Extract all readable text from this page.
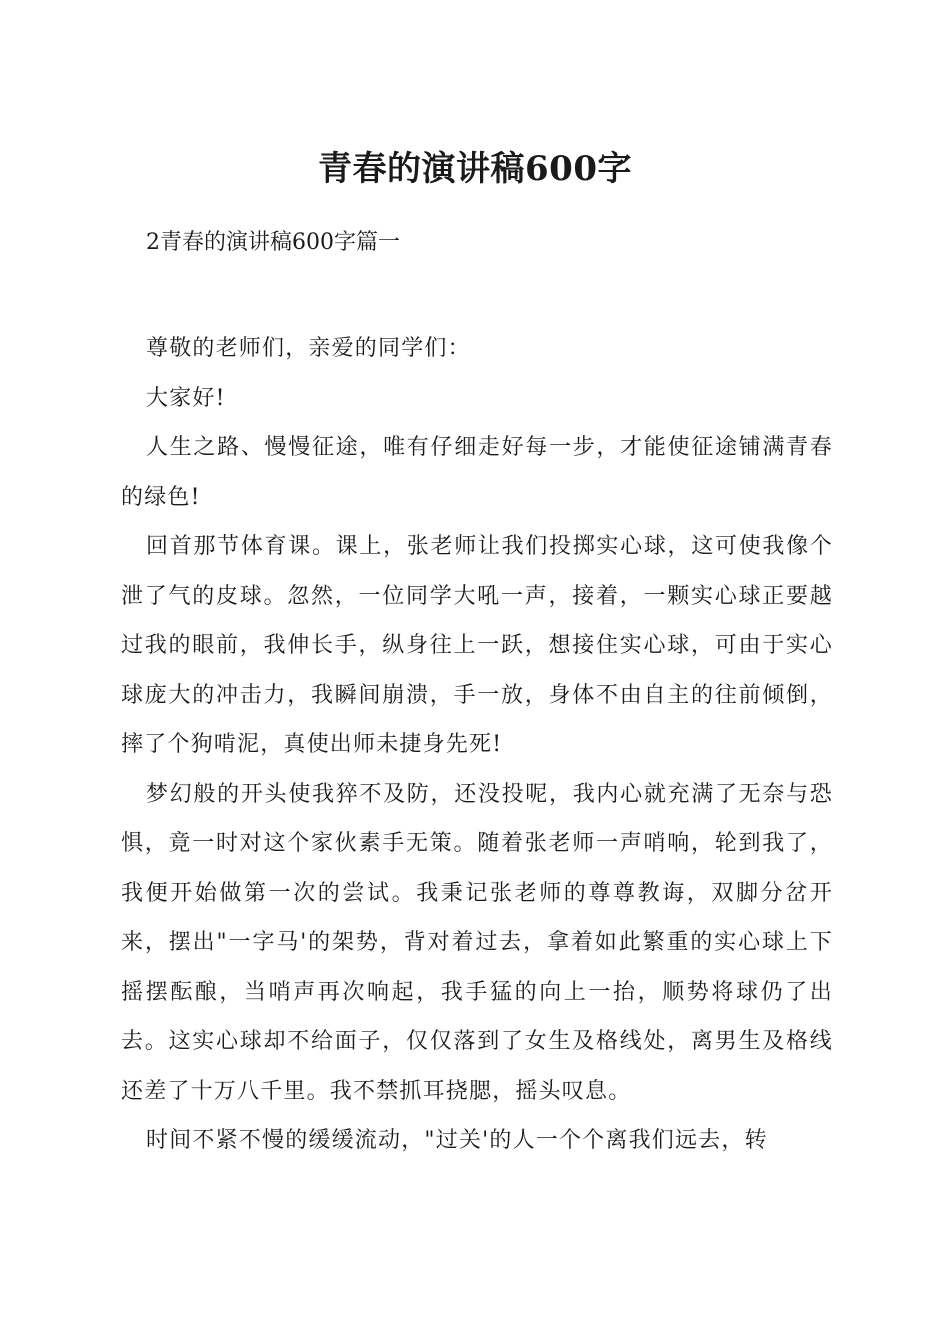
青春的演讲稿600字
2青春的演讲稿600字篇一

尊敬的老师们，亲爱的同学们：

大家好!

人生之路、慢慢征途，唯有仔细走好每一步，才能使征途铺满青春的绿色!

回首那节体育课。课上，张老师让我们投掷实心球，这可使我像个泄了气的皮球。忽然，一位同学大吼一声，接着，一颗实心球正要越过我的眼前，我伸长手，纵身往上一跃，想接住实心球，可由于实心球庞大的冲击力，我瞬间崩溃，手一放，身体不由自主的往前倾倒，摔了个狗啃泥，真使出师未捷身先死!

梦幻般的开头使我猝不及防，还没投呢，我内心就充满了无奈与恐惧，竟一时对这个家伙素手无策。随着张老师一声哨响，轮到我了，我便开始做第一次的尝试。我秉记张老师的尊尊教诲，双脚分岔开来，摆出"一字马'的架势，背对着过去，拿着如此繁重的实心球上下摇摆酝酿，当哨声再次响起，我手猛的向上一抬，顺势将球仍了出去。这实心球却不给面子，仅仅落到了女生及格线处，离男生及格线还差了十万八千里。我不禁抓耳挠腮，摇头叹息。

时间不紧不慢的缓缓流动，"过关'的人一个个离我们远去，转
